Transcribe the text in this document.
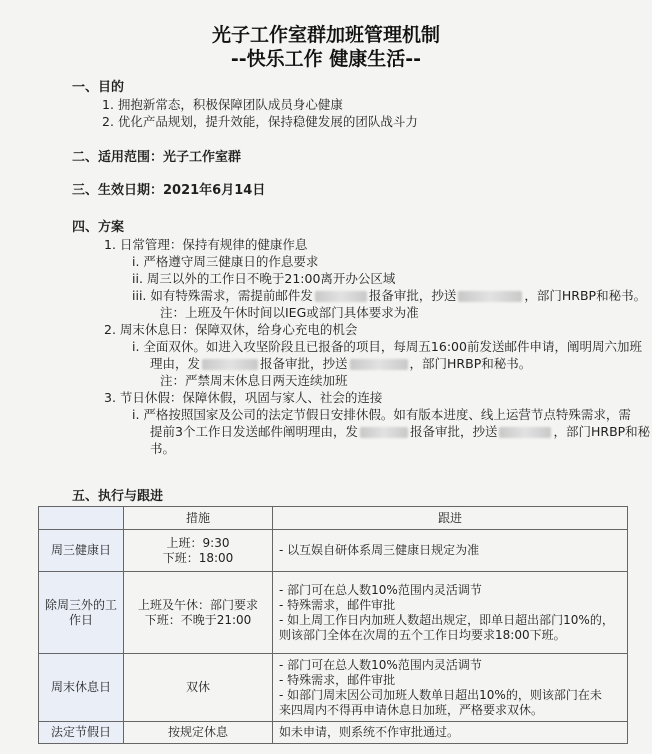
光子工作室群加班管理机制
--快乐工作 健康生活--
一、目的
1. 拥抱新常态，积极保障团队成员身心健康
2. 优化产品规划，提升效能，保持稳健发展的团队战斗力
二、适用范围：光子工作室群
三、生效日期：2021年6月14日
四、方案
1. 日常管理：保持有规律的健康作息
i. 严格遵守周三健康日的作息要求
ii. 周三以外的工作日不晚于21:00离开办公区域
iii. 如有特殊需求，需提前邮件发	报备审批，抄送	，部门HRBP和秘书。
注：上班及午休时间以IEG或部门具体要求为准
2. 周末休息日：保障双休，给身心充电的机会
i. 全面双休。如进入攻坚阶段且已报备的项目，每周五16:00前发送邮件申请，阐明周六加班
理由，发	报备审批，抄送	，部门HRBP和秘书。
注：严禁周末休息日两天连续加班
3. 节日休假：保障休假，巩固与家人、社会的连接
i. 严格按照国家及公司的法定节假日安排休假。如有版本进度、线上运营节点特殊需求，需
提前3个工作日发送邮件阐明理由，发	报备审批，抄送	，部门HRBP和秘
书。
五、执行与跟进
	措施	跟进
周三健康日	上班：9:30
下班：18:00	- 以互娱自研体系周三健康日规定为准

除周三外的工作日	上班及午休：部门要求
下班：不晚于21:00	- 部门可在总人数10%范围内灵活调节
- 特殊需求，邮件审批
- 如上周工作日内加班人数超出规定，即单日超出部门10%的，
则该部门全体在次周的五个工作日均要求18:00下班。

周末休息日	双休	- 部门可在总人数10%范围内灵活调节
- 特殊需求，邮件审批
- 如部门周末因公司加班人数单日超出10%的，则该部门在未
来四周内不得再申请休息日加班，严格要求双休。

法定节假日	按规定休息	如未申请，则系统不作审批通过。
